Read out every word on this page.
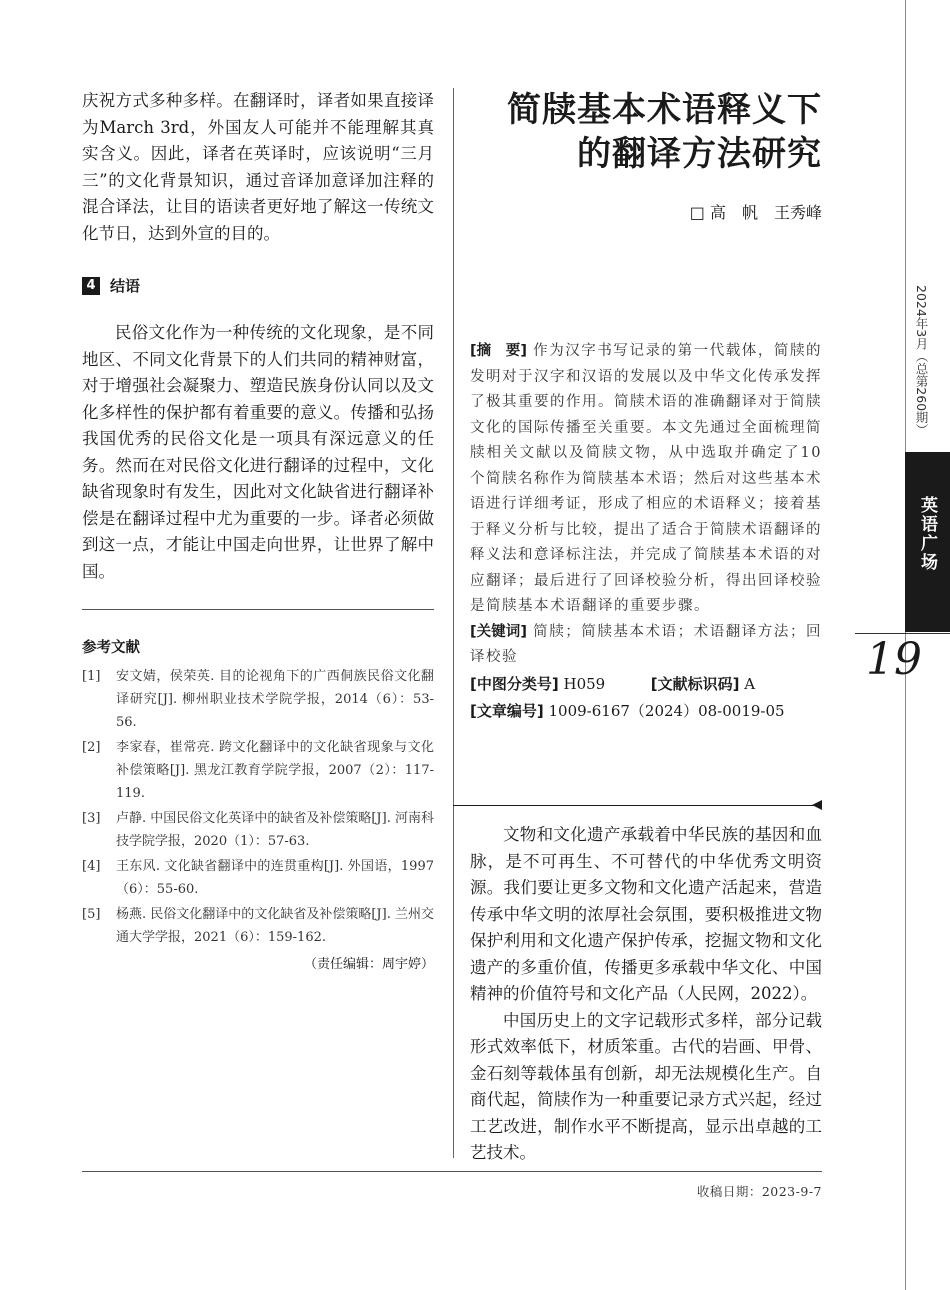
庆祝方式多种多样。在翻译时，译者如果直接译为March 3rd，外国友人可能并不能理解其真实含义。因此，译者在英译时，应该说明“三月三”的文化背景知识，通过音译加意译加注释的混合译法，让目的语读者更好地了解这一传统文化节日，达到外宣的目的。

4 结语

民俗文化作为一种传统的文化现象，是不同地区、不同文化背景下的人们共同的精神财富，对于增强社会凝聚力、塑造民族身份认同以及文化多样性的保护都有着重要的意义。传播和弘扬我国优秀的民俗文化是一项具有深远意义的任务。然而在对民俗文化进行翻译的过程中，文化缺省现象时有发生，因此对文化缺省进行翻译补偿是在翻译过程中尤为重要的一步。译者必须做到这一点，才能让中国走向世界，让世界了解中国。

参考文献
[1]	安文婧，侯荣英. 目的论视角下的广西侗族民俗文化翻译研究[J]. 柳州职业技术学院学报，2014（6）：53-56.
[2]	李家春，崔常亮. 跨文化翻译中的文化缺省现象与文化补偿策略[J]. 黑龙江教育学院学报，2007（2）：117-119.
[3]	卢静. 中国民俗文化英译中的缺省及补偿策略[J]. 河南科技学院学报，2020（1）：57-63.
[4]	王东风. 文化缺省翻译中的连贯重构[J]. 外国语，1997（6）：55-60.
[5]	杨燕. 民俗文化翻译中的文化缺省及补偿策略[J]. 兰州交通大学学报，2021（6）：159-162.
（责任编辑：周宇婷）
简牍基本术语释义下
的翻译方法研究
□ 高　帆　王秀峰

[摘　要] 作为汉字书写记录的第一代载体，简牍的发明对于汉字和汉语的发展以及中华文化传承发挥了极其重要的作用。简牍术语的准确翻译对于简牍文化的国际传播至关重要。本文先通过全面梳理简牍相关文献以及简牍文物，从中选取并确定了10个简牍名称作为简牍基本术语；然后对这些基本术语进行详细考证，形成了相应的术语释义；接着基于释义分析与比较，提出了适合于简牍术语翻译的释义法和意译标注法，并完成了简牍基本术语的对应翻译；最后进行了回译校验分析，得出回译校验是简牍基本术语翻译的重要步骤。

[关键词] 简牍；简牍基本术语；术语翻译方法；回译校验

[中图分类号] H059	[文献标识码] A

[文章编号] 1009-6167（2024）08-0019-05

文物和文化遗产承载着中华民族的基因和血脉，是不可再生、不可替代的中华优秀文明资源。我们要让更多文物和文化遗产活起来，营造传承中华文明的浓厚社会氛围，要积极推进文物保护利用和文化遗产保护传承，挖掘文物和文化遗产的多重价值，传播更多承载中华文化、中国精神的价值符号和文化产品（人民网，2022）。

中国历史上的文字记载形式多样，部分记载形式效率低下，材质笨重。古代的岩画、甲骨、金石刻等载体虽有创新，却无法规模化生产。自商代起，简牍作为一种重要记录方式兴起，经过工艺改进，制作水平不断提高，显示出卓越的工艺技术。

收稿日期：2023-9-7
2024年3月（总第260期）
英语广场
19
